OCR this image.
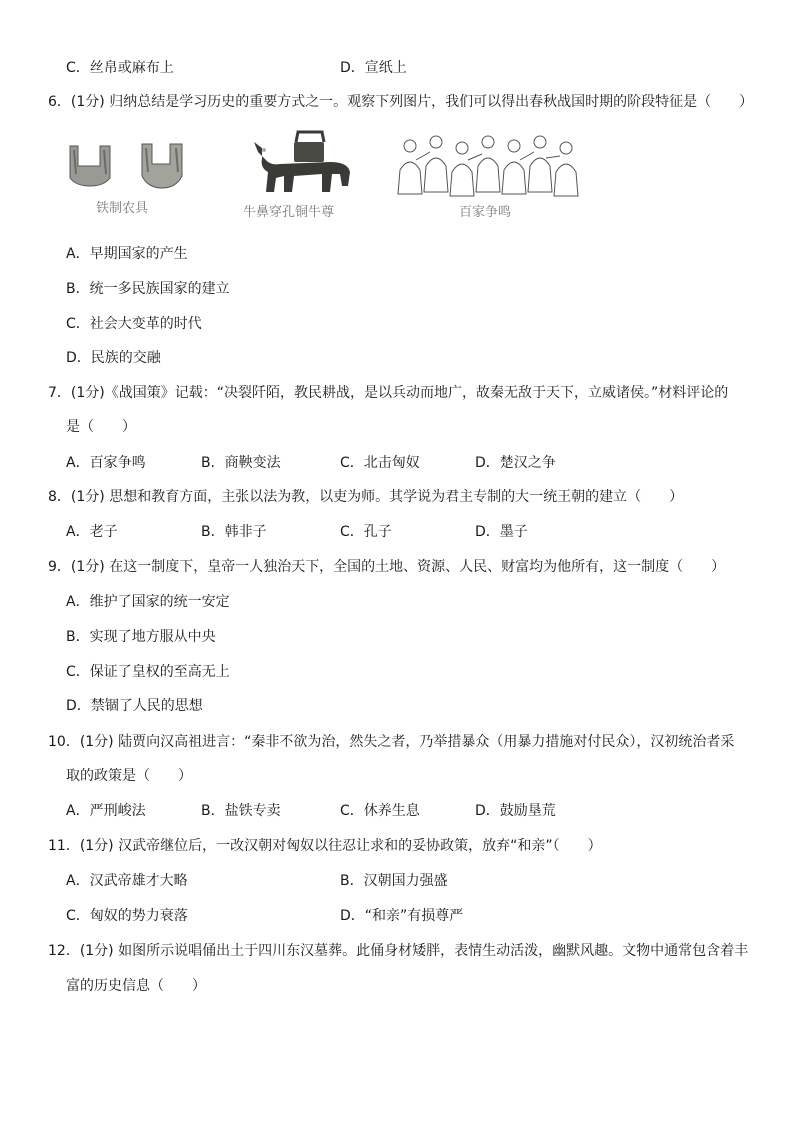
C．丝帛或麻布上	D．宣纸上
6．(1分) 归纳总结是学习历史的重要方式之一。观察下列图片，我们可以得出春秋战国时期的阶段特征是（　　）
铁制农具	牛鼻穿孔铜牛尊	百家争鸣
A．早期国家的产生
B．统一多民族国家的建立
C．社会大变革的时代
D．民族的交融
7．(1分)《战国策》记载：“决裂阡陌，教民耕战，是以兵动而地广，故秦无敌于天下，立威诸侯。”材料评论的
是（　　）
A．百家争鸣	B．商鞅变法	C．北击匈奴	D．楚汉之争
8．(1分) 思想和教育方面，主张以法为教，以吏为师。其学说为君主专制的大一统王朝的建立（　　）
A．老子	B．韩非子	C．孔子	D．墨子
9．(1分) 在这一制度下，皇帝一人独治天下，全国的土地、资源、人民、财富均为他所有，这一制度（　　）
A．维护了国家的统一安定
B．实现了地方服从中央
C．保证了皇权的至高无上
D．禁锢了人民的思想
10．(1分) 陆贾向汉高祖进言：“秦非不欲为治，然失之者，乃举措暴众（用暴力措施对付民众），汉初统治者采
取的政策是（　　）
A．严刑峻法	B．盐铁专卖	C．休养生息	D．鼓励垦荒
11．(1分) 汉武帝继位后，一改汉朝对匈奴以往忍让求和的妥协政策，放弃“和亲”（　　）
A．汉武帝雄才大略	B．汉朝国力强盛
C．匈奴的势力衰落	D．“和亲”有损尊严
12．(1分) 如图所示说唱俑出土于四川东汉墓葬。此俑身材矮胖，表情生动活泼，幽默风趣。文物中通常包含着丰
富的历史信息（　　）
